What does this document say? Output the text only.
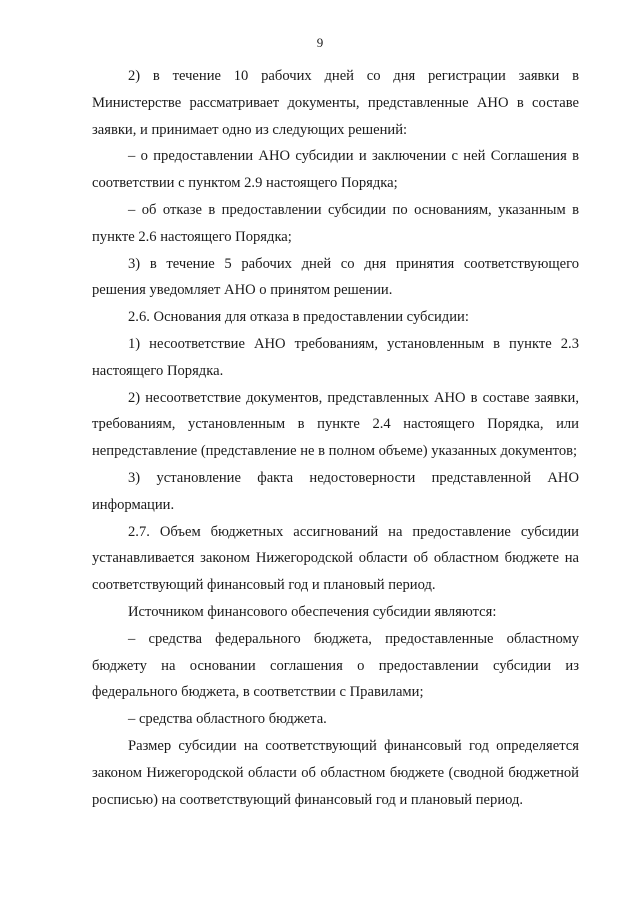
9

2) в течение 10 рабочих дней со дня регистрации заявки в Министерстве рассматривает документы, представленные АНО в составе заявки, и принимает одно из следующих решений:

– о предоставлении АНО субсидии и заключении с ней Соглашения в соответствии с пунктом 2.9 настоящего Порядка;

– об отказе в предоставлении субсидии по основаниям, указанным в пункте 2.6 настоящего Порядка;

3) в течение 5 рабочих дней со дня принятия соответствующего решения уведомляет АНО о принятом решении.

2.6. Основания для отказа в предоставлении субсидии:

1) несоответствие АНО требованиям, установленным в пункте 2.3 настоящего Порядка.

2) несоответствие документов, представленных АНО в составе заявки, требованиям, установленным в пункте 2.4 настоящего Порядка, или непредставление (представление не в полном объеме) указанных документов;

3) установление факта недостоверности представленной АНО информации.

2.7. Объем бюджетных ассигнований на предоставление субсидии устанавливается законом Нижегородской области об областном бюджете на соответствующий финансовый год и плановый период.

Источником финансового обеспечения субсидии являются:

– средства федерального бюджета, предоставленные областному бюджету на основании соглашения о предоставлении субсидии из федерального бюджета, в соответствии с Правилами;

– средства областного бюджета.

Размер субсидии на соответствующий финансовый год определяется законом Нижегородской области об областном бюджете (сводной бюджетной росписью) на соответствующий финансовый год и плановый период.
